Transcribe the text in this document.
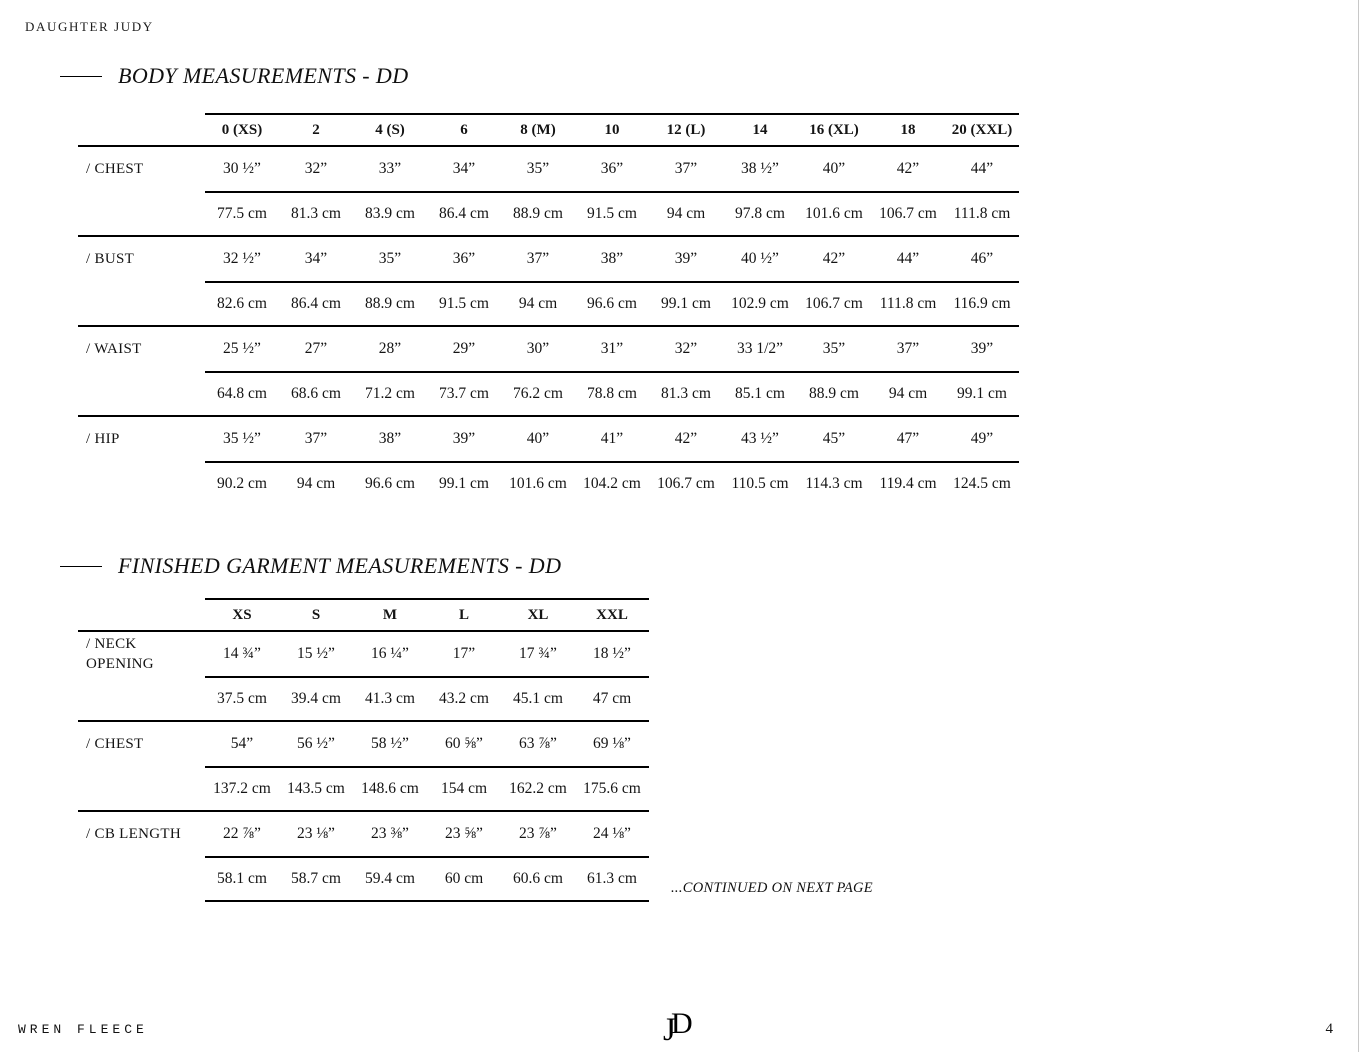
DAUGHTER JUDY
BODY MEASUREMENTS - DD
0 (XS)	2	4 (S)	6	8 (M)	10	12 (L)	14	16 (XL)	18	20 (XXL)
/ CHEST	30 ½”	32”	33”	34”	35”	36”	37”	38 ½”	40”	42”	44”
77.5 cm	81.3 cm	83.9 cm	86.4 cm	88.9 cm	91.5 cm	94 cm	97.8 cm	101.6 cm	106.7 cm	111.8 cm
/ BUST	32 ½”	34”	35”	36”	37”	38”	39”	40 ½”	42”	44”	46”
82.6 cm	86.4 cm	88.9 cm	91.5 cm	94 cm	96.6 cm	99.1 cm	102.9 cm	106.7 cm	111.8 cm	116.9 cm
/ WAIST	25 ½”	27”	28”	29”	30”	31”	32”	33 1/2”	35”	37”	39”
64.8 cm	68.6 cm	71.2 cm	73.7 cm	76.2 cm	78.8 cm	81.3 cm	85.1 cm	88.9 cm	94 cm	99.1 cm
/ HIP	35 ½”	37”	38”	39”	40”	41”	42”	43 ½”	45”	47”	49”
90.2 cm	94 cm	96.6 cm	99.1 cm	101.6 cm	104.2 cm	106.7 cm	110.5 cm	114.3 cm	119.4 cm	124.5 cm
FINISHED GARMENT MEASUREMENTS - DD
XS	S	M	L	XL	XXL
/ NECK OPENING
14 ¾”	15 ½”	16 ¼”	17”	17 ¾”	18 ½”
37.5 cm	39.4 cm	41.3 cm	43.2 cm	45.1 cm	47 cm
/ CHEST	54”	56 ½”	58 ½”	60 ⅝”	63 ⅞”	69 ⅛”
137.2 cm	143.5 cm	148.6 cm	154 cm	162.2 cm	175.6 cm
/ CB LENGTH	22 ⅞”	23 ⅛”	23 ⅜”	23 ⅝”	23 ⅞”	24 ⅛”
58.1 cm	58.7 cm	59.4 cm	60 cm	60.6 cm	61.3 cm
...CONTINUED ON NEXT PAGE
WREN FLEECE	J
D	4
